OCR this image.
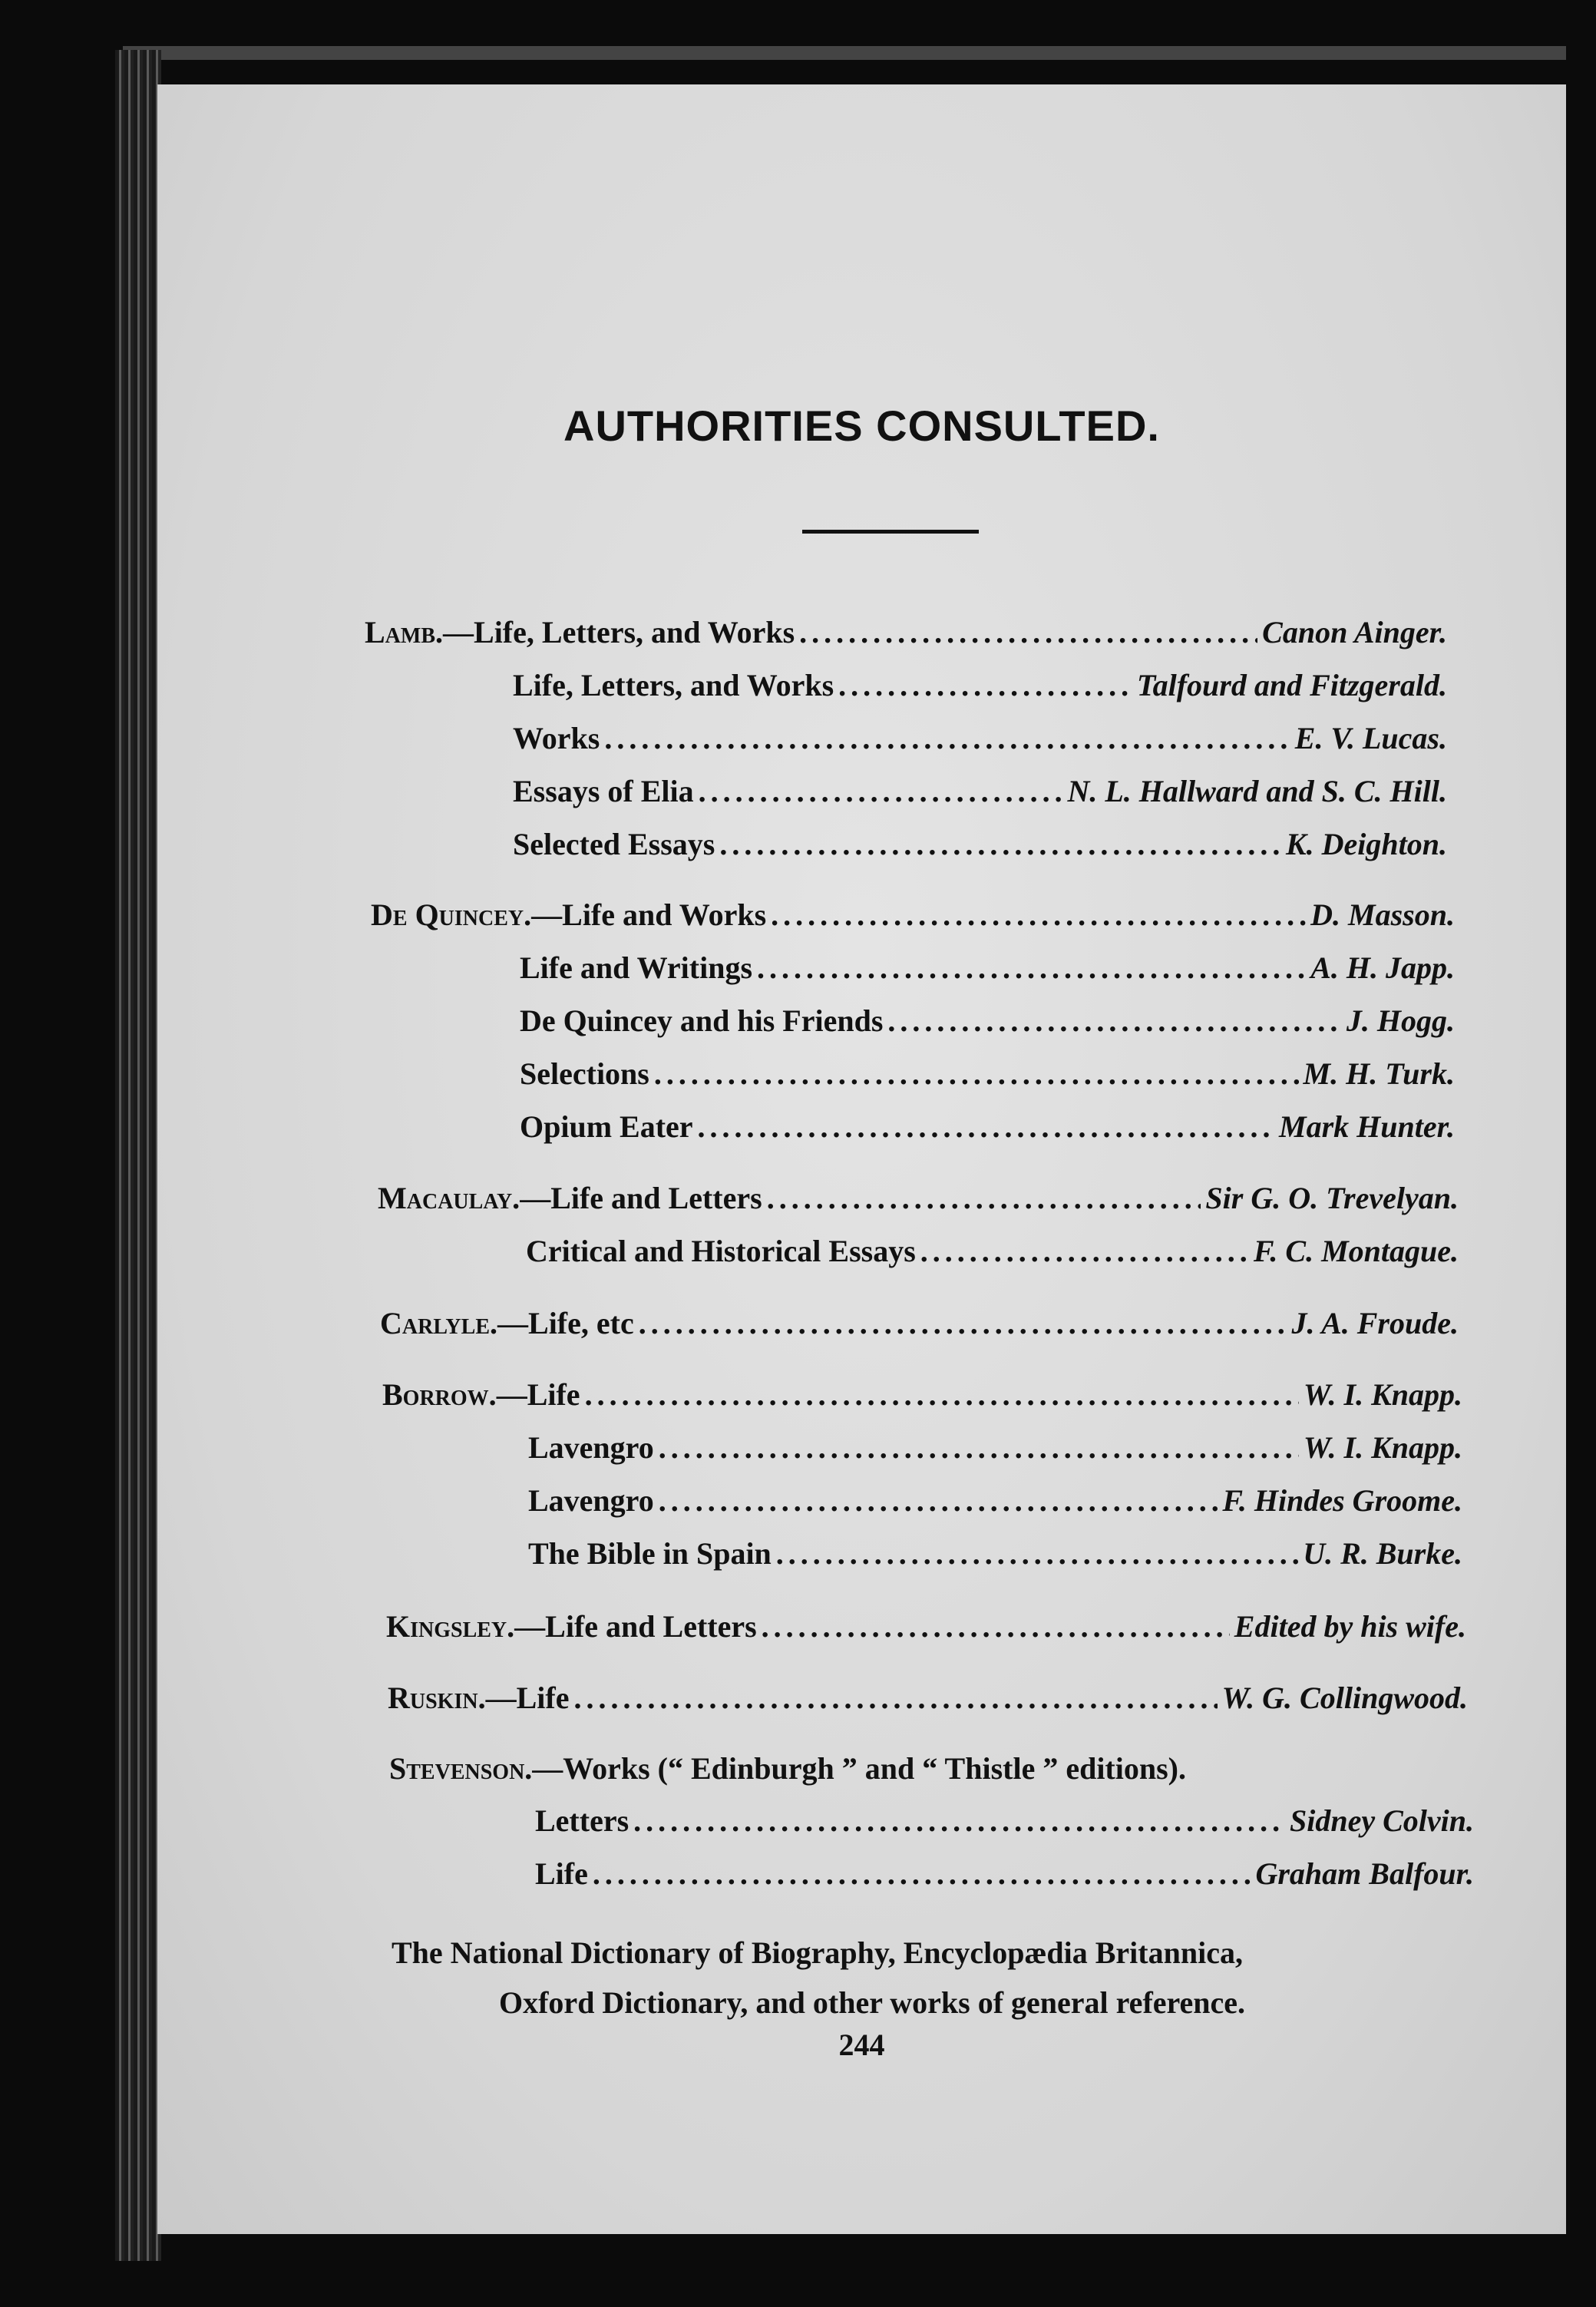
AUTHORITIES CONSULTED.
Lamb.—Life, Letters, and Works .....	Canon Ainger.
Life, Letters, and Works .....	Talfourd and Fitzgerald.
Works .....	E. V. Lucas.
Essays of Elia .....	N. L. Hallward and S. C. Hill.
Selected Essays .....	K. Deighton.
De Quincey.—Life and Works .....	D. Masson.
Life and Writings .....	A. H. Japp.
De Quincey and his Friends .....	J. Hogg.
Selections .....	M. H. Turk.
Opium Eater .....	Mark Hunter.
Macaulay.—Life and Letters .....	Sir G. O. Trevelyan.
Critical and Historical Essays .....	F. C. Montague.
Carlyle.—Life, etc .....	J. A. Froude.
Borrow.—Life .....	W. I. Knapp.
Lavengro .....	W. I. Knapp.
Lavengro .....	F. Hindes Groome.
The Bible in Spain .....	U. R. Burke.
Kingsley.—Life and Letters .....	Edited by his wife.
Ruskin.—Life .....	W. G. Collingwood.
Stevenson.—Works (“ Edinburgh ” and “ Thistle ” editions).
Letters .....	Sidney Colvin.
Life .....	Graham Balfour.
The National Dictionary of Biography, Encyclopædia Britannica,
Oxford Dictionary, and other works of general reference.
244
